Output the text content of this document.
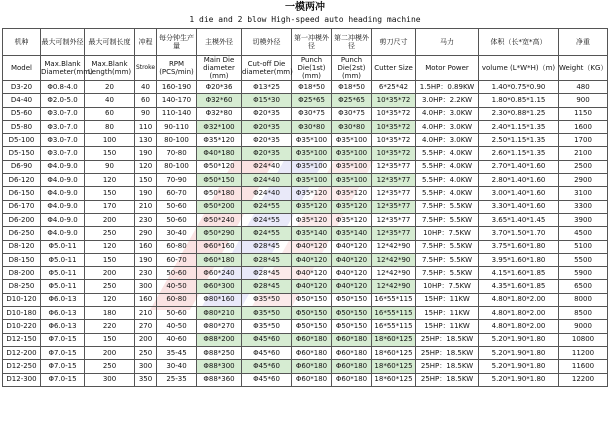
一模两冲
1 die and 2 blow High-speed auto heading machine
机种	最大可制外径	最大可制长度	冲程	每分钟生产量	主模外径	切模外径	第一冲模外径	第二冲模外径	剪刀尺寸	马力	体积（长*宽*高）	净重
Model	Max.Blank Diameter(mm)	Max.Blank Length(mm)	Stroke	RPM (PCS/min)	Main Die diameter (mm)	Cut-off Die diameter(mm)	Punch Die(1st) (mm)	Punch Die(2st) (mm)	Cutter Size	Motor Power	volume (L*W*H)（m)	Weight（KG）
D3-20	Φ0.8-4.0	20	40	160-190	Φ20*36	Φ13*25	Φ18*50	Φ18*50	6*25*42	1.5HP：0.89KW	1.40*0.75*0.90	480
D4-40	Φ2.0-5.0	40	60	140-170	Φ32*60	Φ15*30	Φ25*65	Φ25*65	10*35*72	3.0HP：2.2KW	1.80*0.85*1.15	900
D5-60	Φ3.0-7.0	60	90	110-140	Φ32*80	Φ20*35	Φ30*75	Φ30*75	10*35*72	4.0HP：3.0KW	2.30*0.88*1.25	1150
D5-80	Φ3.0-7.0	80	110	90-110	Φ32*100	Φ20*35	Φ30*80	Φ30*80	10*35*72	4.0HP：3.0KW	2.40*1.15*1.35	1600
D5-100	Φ3.0-7.0	100	130	80-100	Φ35*120	Φ20*35	Φ35*100	Φ35*100	10*35*72	4.0HP：3.0KW	2.50*1.15*1.35	1700
D5-150	Φ3.0-7.0	150	190	70-80	Φ40*180	Φ20*35	Φ35*100	Φ35*100	10*35*72	5.5HP：4.0KW	2.60*1.15*1.35	2100
D6-90	Φ4.0-9.0	90	120	80-100	Φ50*120	Φ24*40	Φ35*100	Φ35*100	12*35*77	5.5HP：4.0KW	2.70*1.40*1.60	2500
D6-120	Φ4.0-9.0	120	150	70-90	Φ50*150	Φ24*40	Φ35*100	Φ35*100	12*35*77	5.5HP：4.0KW	2.80*1.40*1.60	2900
D6-150	Φ4.0-9.0	150	190	60-70	Φ50*180	Φ24*40	Φ35*120	Φ35*120	12*35*77	5.5HP：4.0KW	3.00*1.40*1.60	3100
D6-170	Φ4.0-9.0	170	210	50-60	Φ50*200	Φ24*55	Φ35*120	Φ35*120	12*35*77	7.5HP：5.5KW	3.30*1.40*1.60	3300
D6-200	Φ4.0-9.0	200	230	50-60	Φ50*240	Φ24*55	Φ35*120	Φ35*120	12*35*77	7.5HP：5.5KW	3.65*1.40*1.45	3900
D6-250	Φ4.0-9.0	250	290	30-40	Φ50*290	Φ24*55	Φ35*140	Φ35*140	12*35*77	10HP：7.5KW	3.70*1.50*1.70	4500
D8-120	Φ5.0-11	120	160	60-80	Φ60*160	Φ28*45	Φ40*120	Φ40*120	12*42*90	7.5HP：5.5KW	3.75*1.60*1.80	5100
D8-150	Φ5.0-11	150	190	60-70	Φ60*180	Φ28*45	Φ40*120	Φ40*120	12*42*90	7.5HP：5.5KW	3.95*1.60*1.80	5500
D8-200	Φ5.0-11	200	230	50-60	Φ60*240	Φ28*45	Φ40*120	Φ40*120	12*42*90	7.5HP：5.5KW	4.15*1.60*1.85	5900
D8-250	Φ5.0-11	250	300	40-50	Φ60*300	Φ28*45	Φ40*120	Φ40*120	12*42*90	10HP：7.5KW	4.35*1.60*1.85	6500
D10-120	Φ6.0-13	120	160	60-80	Φ80*160	Φ35*50	Φ50*150	Φ50*150	16*55*115	15HP：11KW	4.80*1.80*2.00	8000
D10-180	Φ6.0-13	180	210	50-60	Φ80*210	Φ35*50	Φ50*150	Φ50*150	16*55*115	15HP：11KW	4.80*1.80*2.00	8500
D10-220	Φ6.0-13	220	270	40-50	Φ80*270	Φ35*50	Φ50*150	Φ50*150	16*55*115	15HP：11KW	4.80*1.80*2.00	9000
D12-150	Φ7.0-15	150	200	40-60	Φ88*200	Φ45*60	Φ60*180	Φ60*180	18*60*125	25HP：18.5KW	5.20*1.90*1.80	10800
D12-200	Φ7.0-15	200	250	35-45	Φ88*250	Φ45*60	Φ60*180	Φ60*180	18*60*125	25HP：18.5KW	5.20*1.90*1.80	11200
D12-250	Φ7.0-15	250	300	30-40	Φ88*300	Φ45*60	Φ60*180	Φ60*180	18*60*125	25HP：18.5KW	5.20*1.90*1.80	11600
D12-300	Φ7.0-15	300	350	25-35	Φ88*360	Φ45*60	Φ60*180	Φ60*180	18*60*125	25HP：18.5KW	5.20*1.90*1.80	12200
